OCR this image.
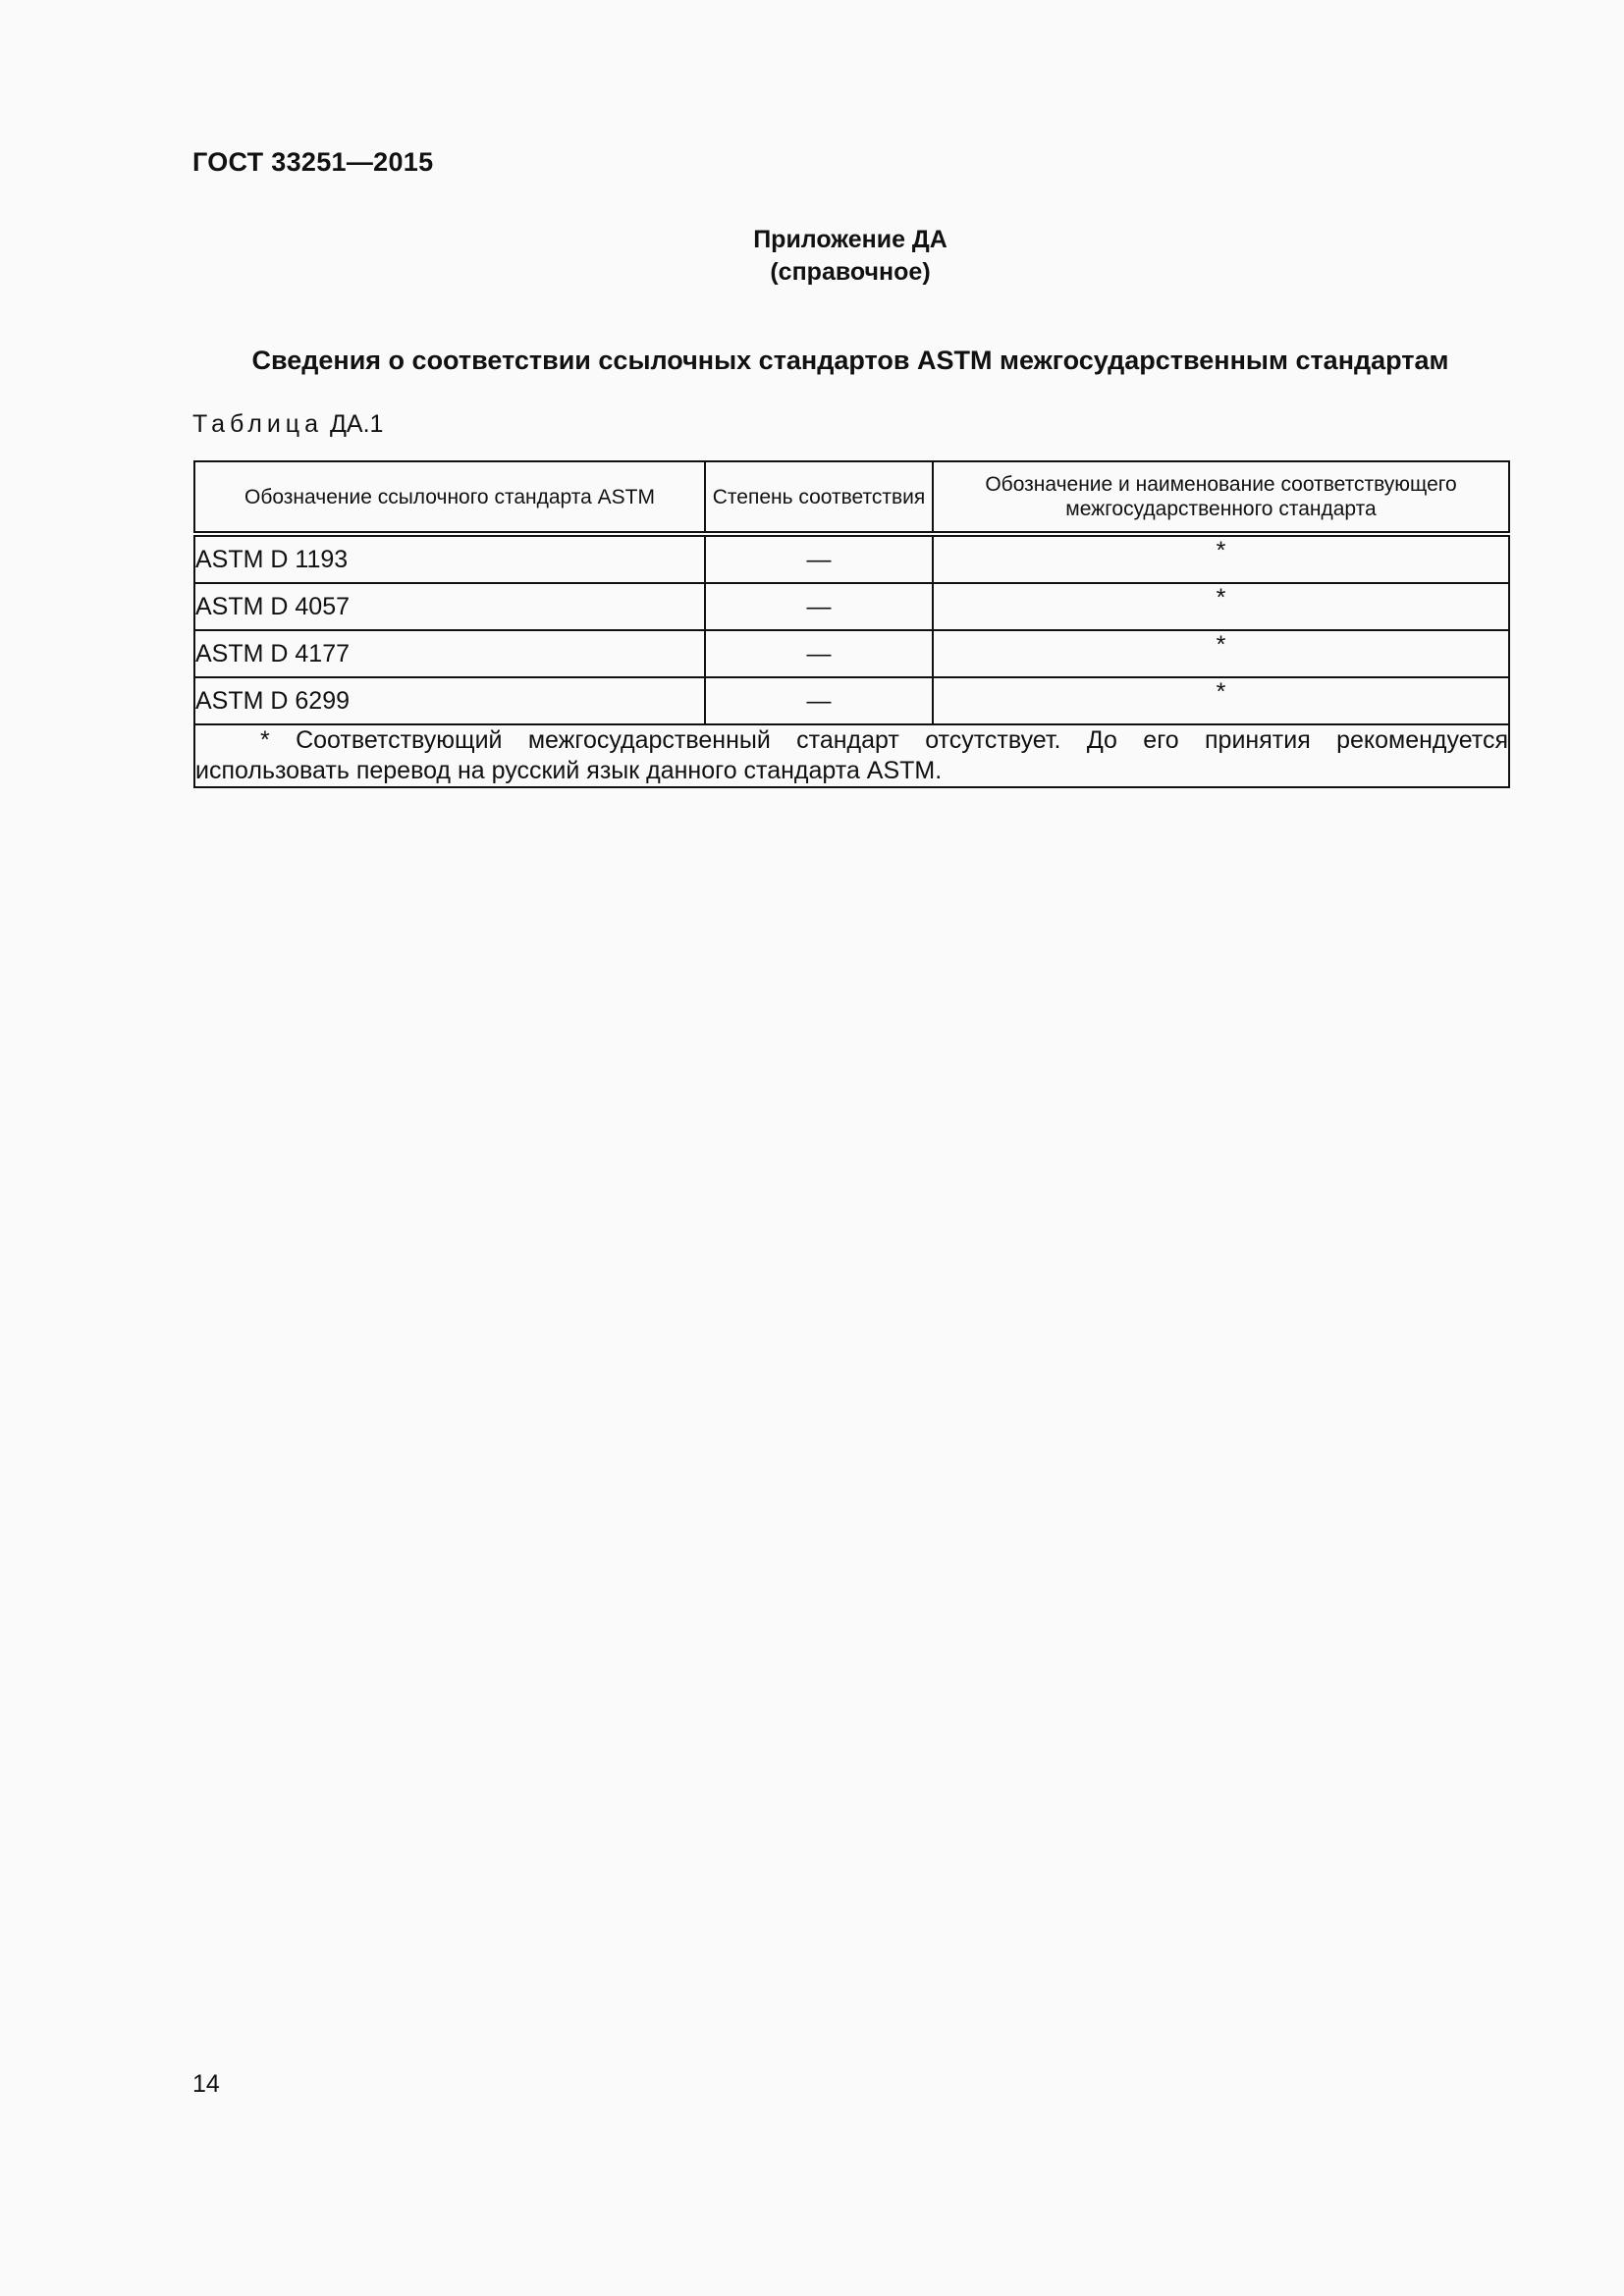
ГОСТ 33251—2015
Приложение ДА
(справочное)
Сведения о соответствии ссылочных стандартов ASTM межгосударственным стандартам
Таблица ДА.1
Обозначение ссылочного стандарта ASTM	Степень соответствия	Обозначение и наименование соответствующего межгосударственного стандарта
ASTM D 1193	—	*
ASTM D 4057	—	*
ASTM D 4177	—	*
ASTM D 6299	—	*
* Соответствующий межгосударственный стандарт отсутствует. До его принятия рекомендуется использовать перевод на русский язык данного стандарта ASTM.		
14
